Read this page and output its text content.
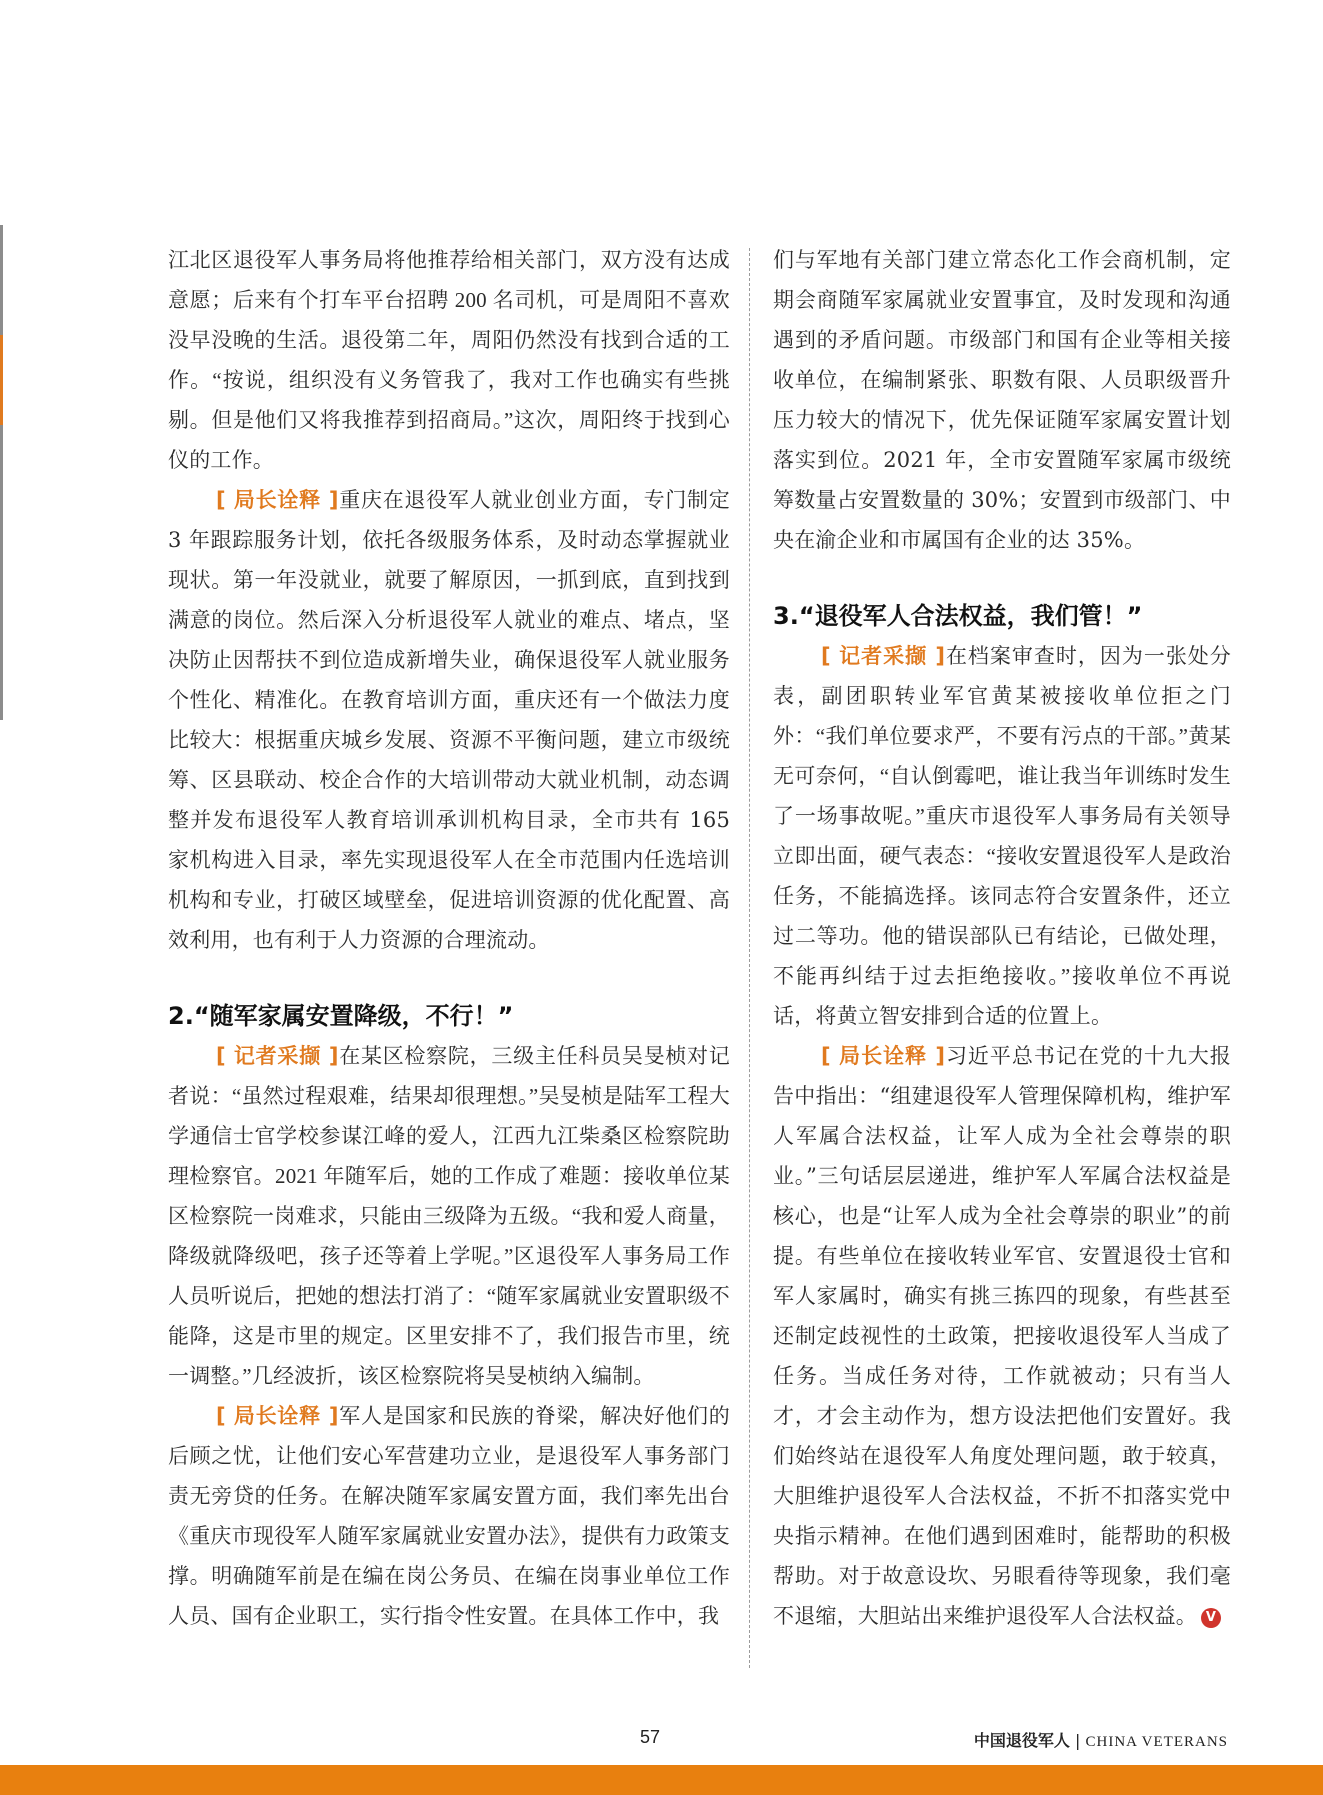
江北区退役军人事务局将他推荐给相关部门，双方没有达成意愿；后来有个打车平台招聘 200 名司机，可是周阳不喜欢没早没晚的生活。退役第二年，周阳仍然没有找到合适的工作。“按说，组织没有义务管我了，我对工作也确实有些挑剔。但是他们又将我推荐到招商局。”这次，周阳终于找到心仪的工作。

[ 局长诠释 ]重庆在退役军人就业创业方面，专门制定 3 年跟踪服务计划，依托各级服务体系，及时动态掌握就业现状。第一年没就业，就要了解原因，一抓到底，直到找到满意的岗位。然后深入分析退役军人就业的难点、堵点，坚决防止因帮扶不到位造成新增失业，确保退役军人就业服务个性化、精准化。在教育培训方面，重庆还有一个做法力度比较大：根据重庆城乡发展、资源不平衡问题，建立市级统筹、区县联动、校企合作的大培训带动大就业机制，动态调整并发布退役军人教育培训承训机构目录，全市共有 165 家机构进入目录，率先实现退役军人在全市范围内任选培训机构和专业，打破区域壁垒，促进培训资源的优化配置、高效利用，也有利于人力资源的合理流动。

2.“随军家属安置降级，不行！”

[ 记者采撷 ]在某区检察院，三级主任科员吴旻桢对记者说：“虽然过程艰难，结果却很理想。”吴旻桢是陆军工程大学通信士官学校参谋江峰的爱人，江西九江柴桑区检察院助理检察官。2021 年随军后，她的工作成了难题：接收单位某区检察院一岗难求，只能由三级降为五级。“我和爱人商量，降级就降级吧，孩子还等着上学呢。”区退役军人事务局工作人员听说后，把她的想法打消了：“随军家属就业安置职级不能降，这是市里的规定。区里安排不了，我们报告市里，统一调整。”几经波折，该区检察院将吴旻桢纳入编制。

[ 局长诠释 ]军人是国家和民族的脊梁，解决好他们的后顾之忧，让他们安心军营建功立业，是退役军人事务部门责无旁贷的任务。在解决随军家属安置方面，我们率先出台《重庆市现役军人随军家属就业安置办法》，提供有力政策支撑。明确随军前是在编在岗公务员、在编在岗事业单位工作人员、国有企业职工，实行指令性安置。在具体工作中，我

们与军地有关部门建立常态化工作会商机制，定期会商随军家属就业安置事宜，及时发现和沟通遇到的矛盾问题。市级部门和国有企业等相关接收单位，在编制紧张、职数有限、人员职级晋升压力较大的情况下，优先保证随军家属安置计划落实到位。2021 年，全市安置随军家属市级统筹数量占安置数量的 30%；安置到市级部门、中央在渝企业和市属国有企业的达 35%。

3.“退役军人合法权益，我们管！”

[ 记者采撷 ]在档案审查时，因为一张处分表，副团职转业军官黄某被接收单位拒之门外：“我们单位要求严，不要有污点的干部。”黄某无可奈何，“自认倒霉吧，谁让我当年训练时发生了一场事故呢。”重庆市退役军人事务局有关领导立即出面，硬气表态：“接收安置退役军人是政治任务，不能搞选择。该同志符合安置条件，还立过二等功。他的错误部队已有结论，已做处理，不能再纠结于过去拒绝接收。”接收单位不再说话，将黄立智安排到合适的位置上。

[ 局长诠释 ]习近平总书记在党的十九大报告中指出：“组建退役军人管理保障机构，维护军人军属合法权益，让军人成为全社会尊崇的职业。”三句话层层递进，维护军人军属合法权益是核心，也是“让军人成为全社会尊崇的职业”的前提。有些单位在接收转业军官、安置退役士官和军人家属时，确实有挑三拣四的现象，有些甚至还制定歧视性的土政策，把接收退役军人当成了任务。当成任务对待，工作就被动；只有当人才，才会主动作为，想方设法把他们安置好。我们始终站在退役军人角度处理问题，敢于较真，大胆维护退役军人合法权益，不折不扣落实党中央指示精神。在他们遇到困难时，能帮助的积极帮助。对于故意设坎、另眼看待等现象，我们毫不退缩，大胆站出来维护退役军人合法权益。 V

57	中国退役军人 | CHINA VETERANS
